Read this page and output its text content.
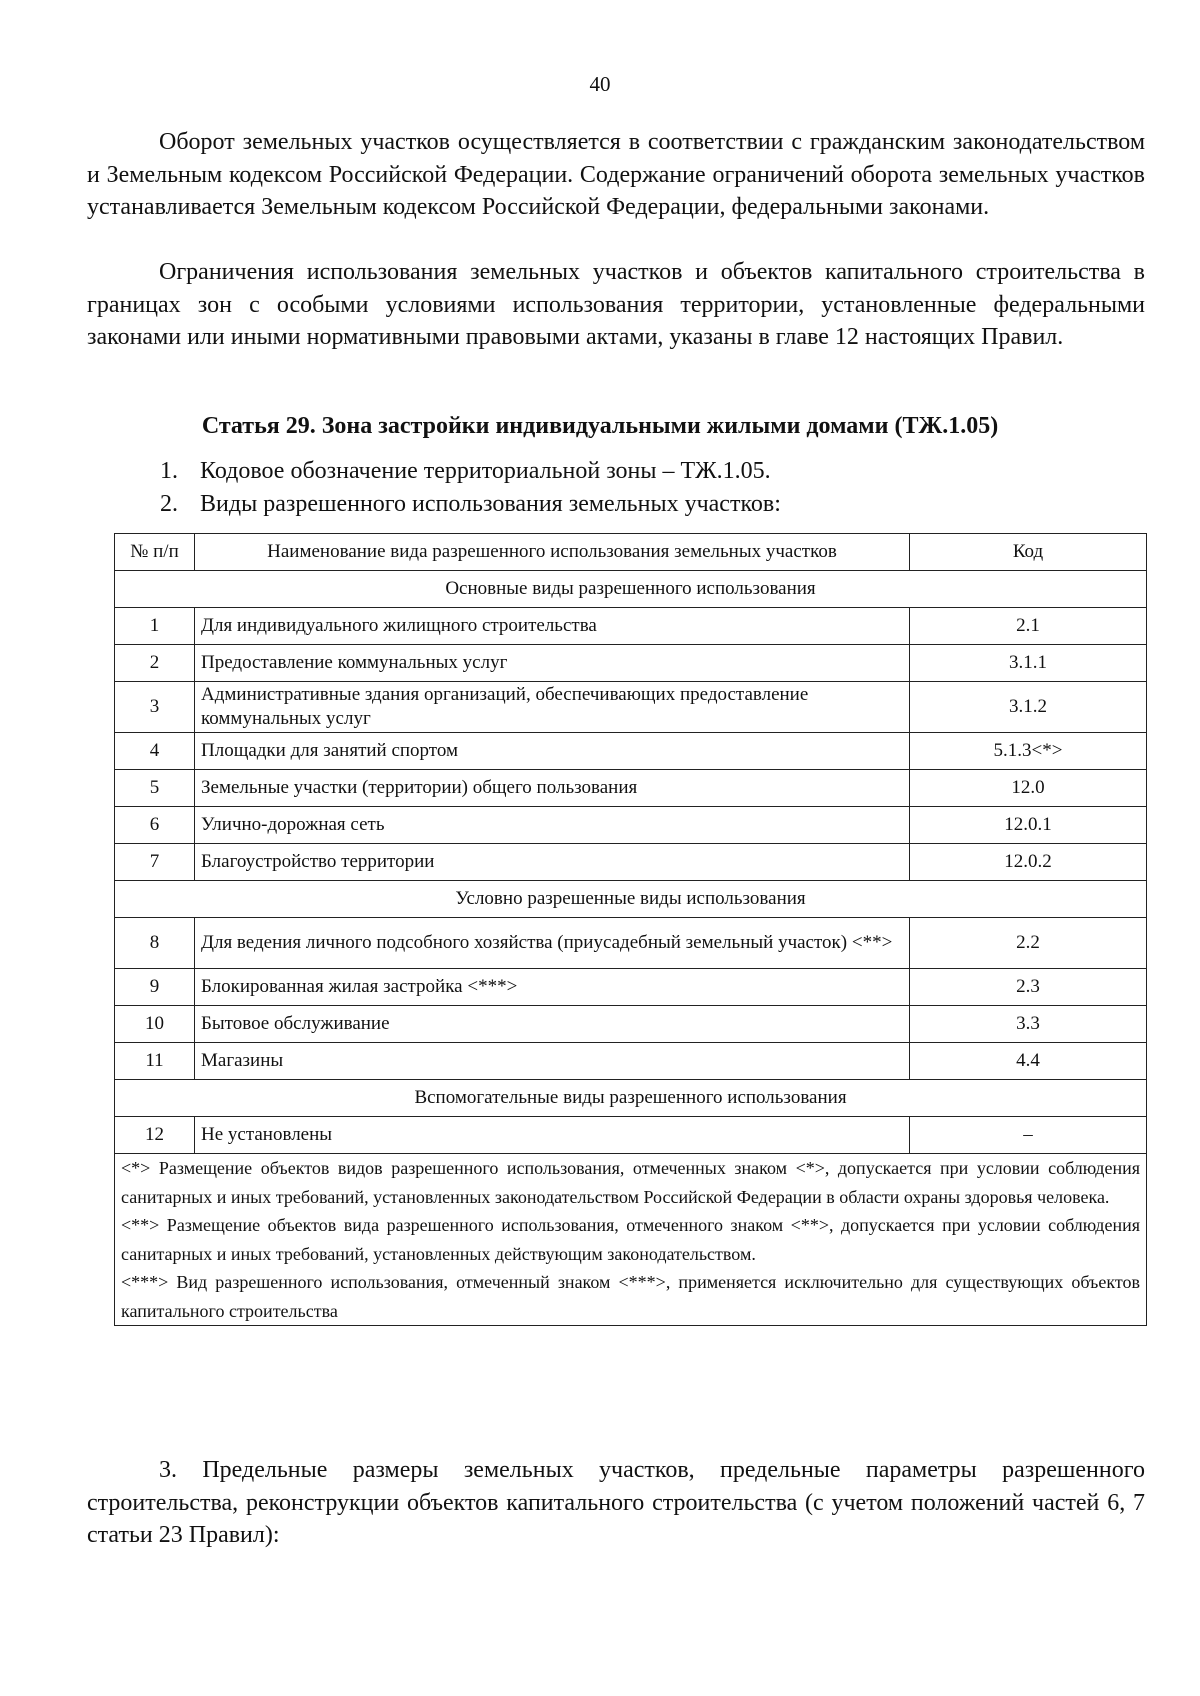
40

Оборот земельных участков осуществляется в соответствии с гражданским законодательством и Земельным кодексом Российской Федерации. Содержание ограничений оборота земельных участков устанавливается Земельным кодексом Российской Федерации, федеральными законами.

Ограничения использования земельных участков и объектов капитального строительства в границах зон с особыми условиями использования территории, установленные федеральными законами или иными нормативными правовыми актами, указаны в главе 12 настоящих Правил.

Статья 29. Зона застройки индивидуальными жилыми домами (ТЖ.1.05)
1. Кодовое обозначение территориальной зоны – ТЖ.1.05.
2. Виды разрешенного использования земельных участков:
№ п/п	Наименование вида разрешенного использования земельных участков	Код
Основные виды разрешенного использования		
1	Для индивидуального жилищного строительства	2.1
2	Предоставление коммунальных услуг	3.1.1
3	Административные здания организаций, обеспечивающих предоставление коммунальных услуг	3.1.2
4	Площадки для занятий спортом	5.1.3<*>
5	Земельные участки (территории) общего пользования	12.0
6	Улично-дорожная сеть	12.0.1
7	Благоустройство территории	12.0.2
Условно разрешенные виды использования		
8	Для ведения личного подсобного хозяйства (приусадебный земельный участок) <**>	2.2
9	Блокированная жилая застройка <***>	2.3
10	Бытовое обслуживание	3.3
11	Магазины	4.4
Вспомогательные виды разрешенного использования		
12	Не установлены	–

<*> Размещение объектов видов разрешенного использования, отмеченных знаком <*>, допускается при условии соблюдения санитарных и иных требований, установленных законодательством Российской Федерации в области охраны здоровья человека.
<**> Размещение объектов вида разрешенного использования, отмеченного знаком <**>, допускается при условии соблюдения санитарных и иных требований, установленных действующим законодательством.
<***> Вид разрешенного использования, отмеченный знаком <***>, применяется исключительно для существующих объектов капитального строительства		

3. Предельные размеры земельных участков, предельные параметры разрешенного строительства, реконструкции объектов капитального строительства (с учетом положений частей 6, 7 статьи 23 Правил):
